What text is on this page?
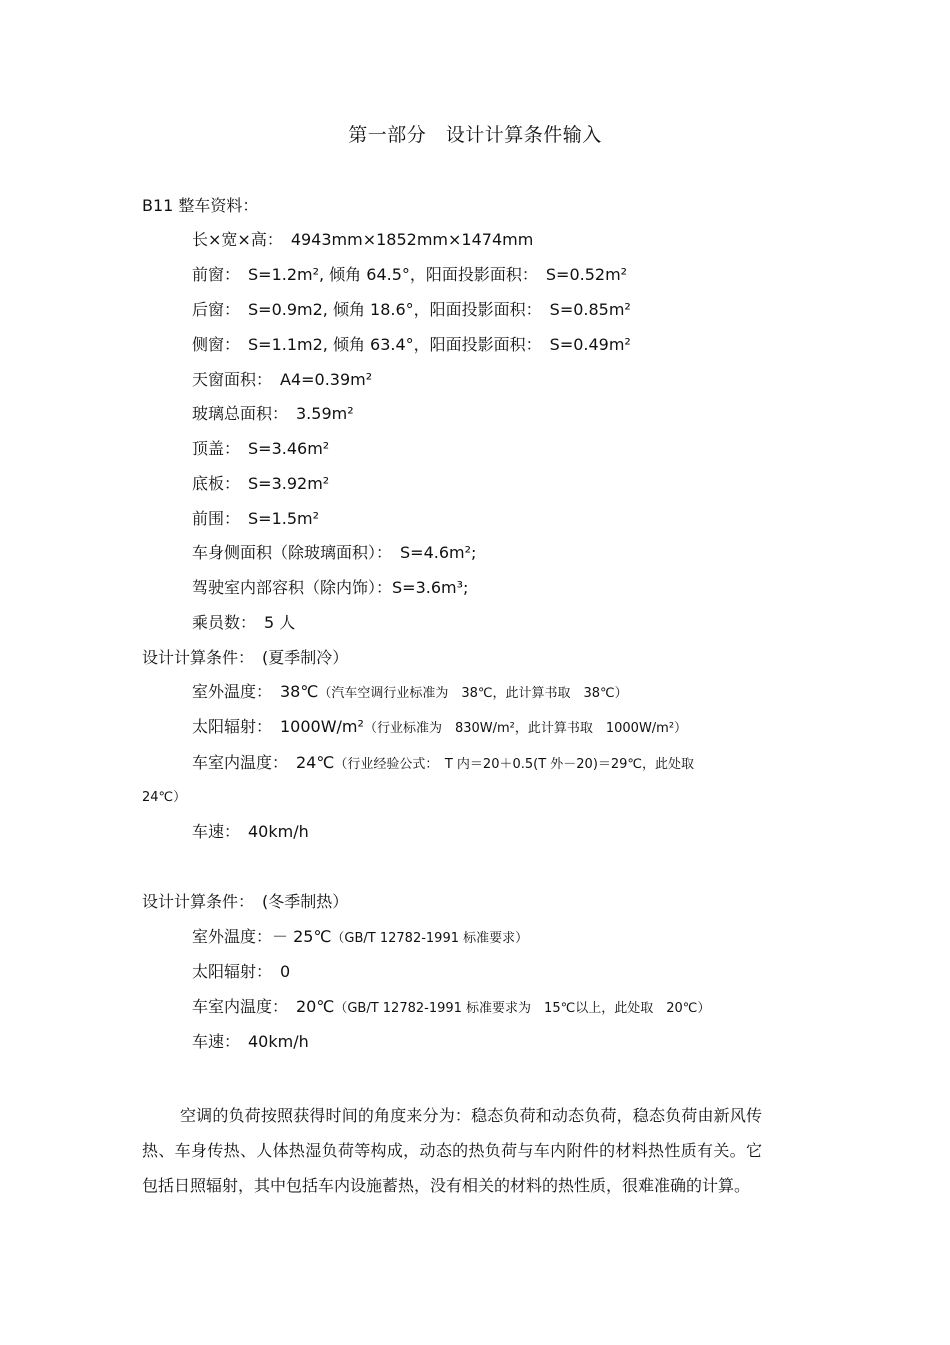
第一部分　设计计算条件输入
B11 整车资料：
长×宽×高：　4943mm×1852mm×1474mm
前窗：　S=1.2m², 倾角 64.5°，阳面投影面积：　S=0.52m²
后窗：　S=0.9m2, 倾角 18.6°，阳面投影面积：　S=0.85m²
侧窗：　S=1.1m2, 倾角 63.4°，阳面投影面积：　S=0.49m²
天窗面积：　A4=0.39m²
玻璃总面积：　3.59m²
顶盖：　S=3.46m²
底板：　S=3.92m²
前围：　S=1.5m²
车身侧面积（除玻璃面积）：　S=4.6m²;
驾驶室内部容积（除内饰）：S=3.6m³;
乘员数：　5 人
设计计算条件：　(夏季制冷）
室外温度：　38℃（汽车空调行业标准为　38℃，此计算书取　38℃）
太阳辐射：　1000W/m²（行业标准为　830W/m²，此计算书取　1000W/m²）
车室内温度：　24℃（行业经验公式：　T 内＝20＋0.5(T 外－20)＝29℃，此处取
24℃）
车速：　40km/h
设计计算条件：　(冬季制热）
室外温度：－ 25℃（GB/T 12782-1991 标准要求）
太阳辐射：　0
车室内温度：　20℃（GB/T 12782-1991 标准要求为　15℃以上，此处取　20℃）
车速：　40km/h
空调的负荷按照获得时间的角度来分为：稳态负荷和动态负荷，稳态负荷由新风传热、车身传热、人体热湿负荷等构成，动态的热负荷与车内附件的材料热性质有关。它包括日照辐射，其中包括车内设施蓄热，没有相关的材料的热性质，很难准确的计算。
